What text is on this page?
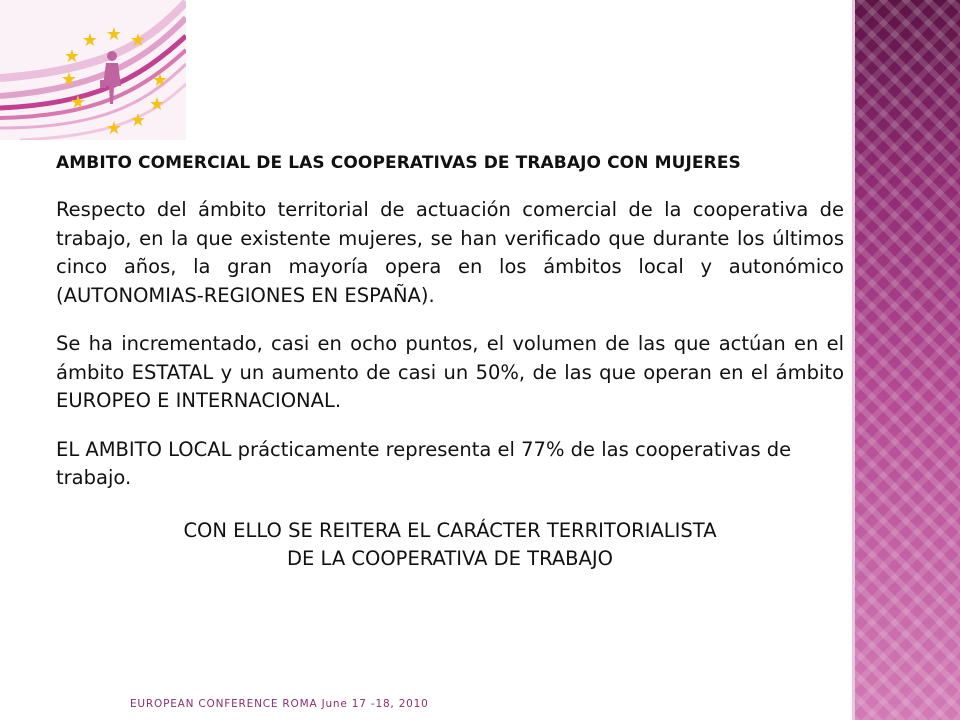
★ ★
★
★
★	★
★
★
★
★

AMBITO COMERCIAL DE LAS COOPERATIVAS DE TRABAJO CON MUJERES

Respecto del ámbito territorial de actuación comercial de la cooperativa de trabajo, en la que existente mujeres, se han verificado que durante los últimos cinco años, la gran mayoría opera en los ámbitos local y autonómico (AUTONOMIAS-REGIONES EN ESPAÑA).

Se ha incrementado, casi en ocho puntos, el volumen de las que actúan en el ámbito ESTATAL y un aumento de casi un 50%, de las que operan en el ámbito EUROPEO E INTERNACIONAL.

EL AMBITO LOCAL prácticamente representa el 77% de las cooperativas de trabajo.

CON ELLO SE REITERA EL CARÁCTER TERRITORIALISTA
DE LA COOPERATIVA DE TRABAJO

EUROPEAN CONFERENCE ROMA June 17 -18, 2010
